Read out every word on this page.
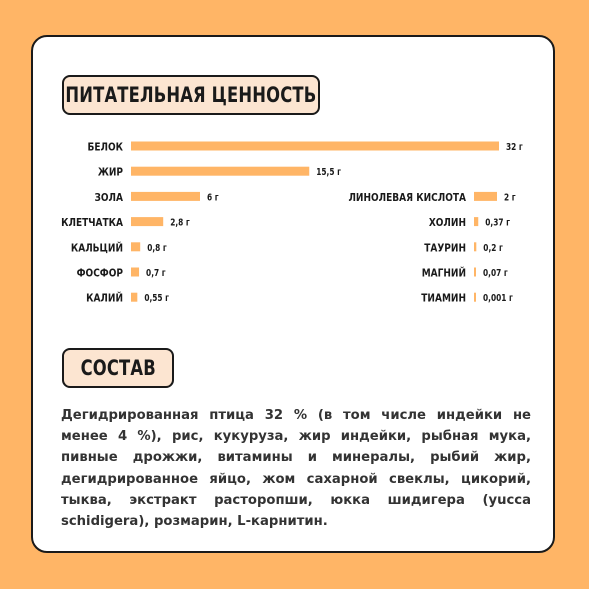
ПИТАТЕЛЬНАЯ ЦЕННОСТЬ
БЕЛОК	32 г
ЖИР	15,5 г
ЗОЛА	6 г
КЛЕТЧАТКА	2,8 г
КАЛЬЦИЙ	0,8 г
ФОСФОР 0,7 г
КАЛИЙ 0,55 г
ЛИНОЛЕВАЯ КИСЛОТА	2 г
ХОЛИН 0,37 г
ТАУРИН 0,2 г
МАГНИЙ 0,07 г
ТИАМИН 0,001 г
СОСТАВ

Дегидрированная птица 32 % (в том числе индейки не менее 4 %), рис, кукуруза, жир индейки, рыбная мука, пивные дрожжи, витамины и минералы, рыбий жир, дегидрированное яйцо, жом сахарной свеклы, цикорий, тыква, экстракт расторопши, юкка шидигера (yucca schidigera), розмарин, L-карнитин.
